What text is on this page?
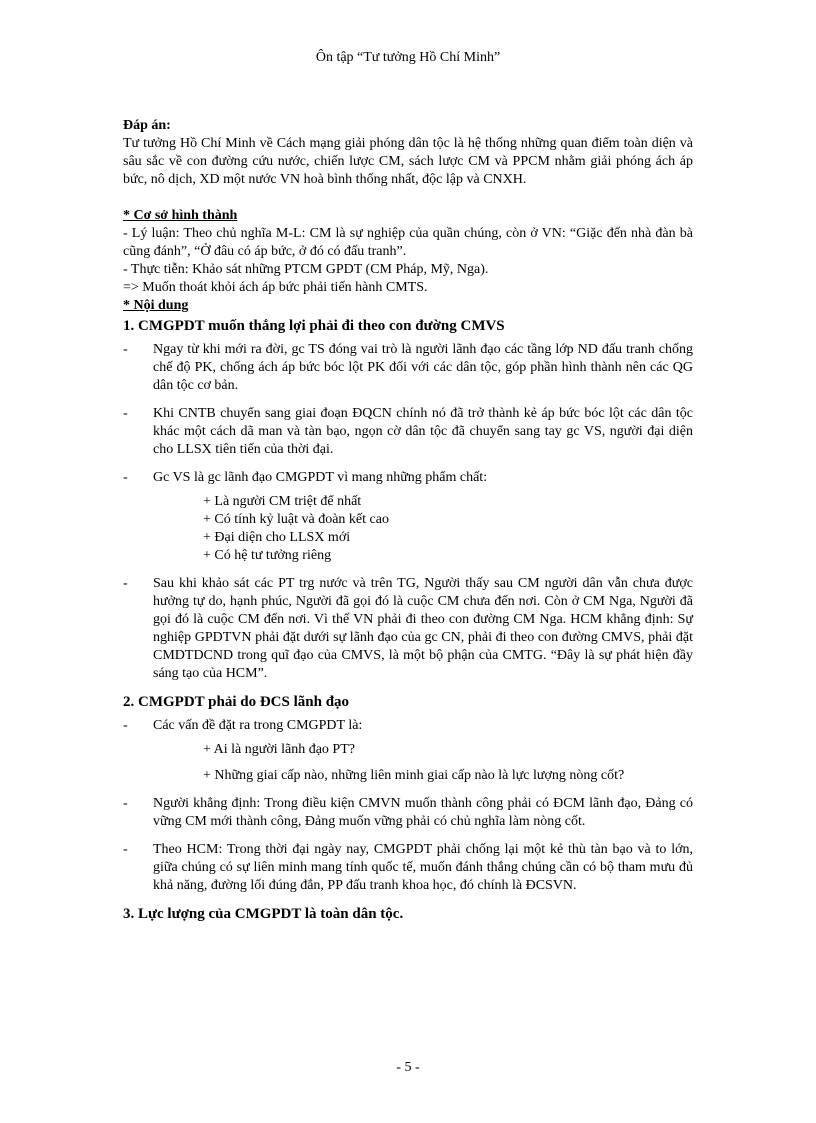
Ôn tập “Tư tưởng Hồ Chí Minh”

Đáp án:

Tư tưởng Hồ Chí Minh về Cách mạng giải phóng dân tộc là hệ thống những quan điểm toàn diện và sâu sắc về con đường cứu nước, chiến lược CM, sách lược CM và PPCM nhằm giải phóng ách áp bức, nô dịch, XD một nước VN hoà bình thống nhất, độc lập và CNXH.

* Cơ sở hình thành

- Lý luận: Theo chủ nghĩa M-L: CM là sự nghiệp của quần chúng, còn ở VN: “Giặc đến nhà đàn bà cũng đánh”, “Ở đâu có áp bức, ở đó có đấu tranh”.

- Thực tiễn: Khảo sát những PTCM GPDT (CM Pháp, Mỹ, Nga).

=> Muốn thoát khỏi ách áp bức phải tiến hành CMTS.

* Nội dung

1. CMGPDT muốn thắng lợi phải đi theo con đường CMVS

- Ngay từ khi mới ra đời, gc TS đóng vai trò là người lãnh đạo các tầng lớp ND đấu tranh chống chế độ PK, chống ách áp bức bóc lột PK đối với các dân tộc, góp phần hình thành nên các QG dân tộc cơ bản.
- Khi CNTB chuyển sang giai đoạn ĐQCN chính nó đã trở thành kẻ áp bức bóc lột các dân tộc khác một cách dã man và tàn bạo, ngọn cờ dân tộc đã chuyển sang tay gc VS, người đại diện cho LLSX tiên tiến của thời đại.
- Gc VS là gc lãnh đạo CMGPDT vì mang những phẩm chất:
+ Là người CM triệt để nhất
+ Có tính kỷ luật và đoàn kết cao
+ Đại diện cho LLSX mới
+ Có hệ tư tưởng riêng
- Sau khi khảo sát các PT trg nước và trên TG, Người thấy sau CM người dân vẫn chưa được hưởng tự do, hạnh phúc, Người đã gọi đó là cuộc CM chưa đến nơi. Còn ở CM Nga, Người đã gọi đó là cuộc CM đến nơi. Vì thế VN phải đi theo con đường CM Nga. HCM khẳng định: Sự nghiệp GPDTVN phải đặt dưới sự lãnh đạo của gc CN, phải đi theo con đường CMVS, phải đặt CMDTDCND trong quĩ đạo của CMVS, là một bộ phận của CMTG. “Đây là sự phát hiện đầy sáng tạo của HCM”.

2. CMGPDT phải do ĐCS lãnh đạo

- Các vấn đề đặt ra trong CMGPDT là:
+ Ai là người lãnh đạo PT?
+ Những giai cấp nào, những liên minh giai cấp nào là lực lượng nòng cốt?
- Người khẳng định: Trong điều kiện CMVN muốn thành công phải có ĐCM lãnh đạo, Đảng có vững CM mới thành công, Đảng muốn vững phải có chủ nghĩa làm nòng cốt.
- Theo HCM: Trong thời đại ngày nay, CMGPDT phải chống lại một kẻ thù tàn bạo và to lớn, giữa chúng có sự liên minh mang tính quốc tế, muốn đánh thắng chúng cần có bộ tham mưu đủ khả năng, đường lối đúng đắn, PP đấu tranh khoa học, đó chính là ĐCSVN.

3. Lực lượng của CMGPDT là toàn dân tộc.

- 5 -
